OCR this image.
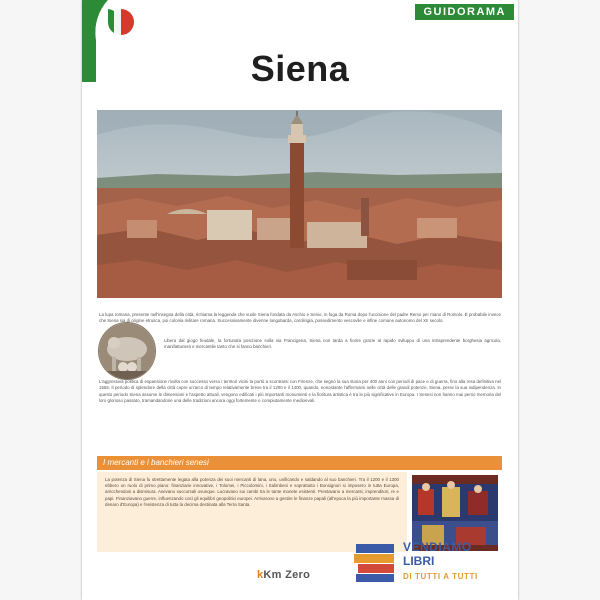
GUIDORAMA
Siena
La lupa romana, presente nell'insegna della città, richiama la leggenda che vuole Siena fondata da Aschio e Senio, in fuga da Roma dopo l'uccisione del padre Remo per mano di Romolo. È probabile invece che Siena sia di origine etrusca, poi colonia militare romana. Successivamente divenne longobarda, carolingia, possedimento vescovile e infine comune autonomo del XII secolo.
Libera dal giogo feudale, la fortunata posizione sulla via Francigena, Siena non tarda a fiorire grazie al rapido sviluppo di una intraprendente borghesia agricola, manifatturiera e mercantile tanto che si fanno banchieri.
L'aggressiva politica di espansione rivolta con successo verso i territori vicini la portò a scontrarsi con Firenze, che segnò la sua storia per 400 anni con periodi di pace e di guerra, fino alla resa definitiva nel 1555. Il periodo di splendore della città copre un'arco di tempo relativamente breve tra il 1200 e il 1400, quando, nonostante l'affermarsi nelle città delle grandi potenze, Siena, perse la sua indipendenza. In questo periodo Siena assume le dimensioni e l'aspetto attuali, vengono edificati i più importanti monumenti e la fioritura artistica è tra le più significative in Europa. I Senesi non hanno mai perso memoria del loro glorioso passato, tramandandone una delle tradizioni ancora oggi fortemente e compiutamente medioevali.
I mercanti e i banchieri senesi
La potenza di Siena fu strettamente legata alla potenza dei suoi mercanti di lana, uno, unificando e saldando al suo banchieri. Tra il 1200 e il 1300 ebbero un ruolo di primo piano: finanziarie innovative, i Tolomei, i Piccolomini, i Salimbeni e soprattutto i Bonsignori si imposero in tutta Europa, arricchendosi a dismisura. Avevano succursali ovunque. Lucravano sui cambi tra le tante monete esistenti. Prestavano a mercanti, imprenditori, re e papi. Finanziavano guerre, influenzando così gli equilibri geopolitici europei. Arrivarono a gestire le finanze papali (all'epoca la più importante massa di denaro d'Europa) e l'esistenza di tutta la decima destinata alla Terra Santa.
kKm Zero
VENDIAMO
LIBRI
DI TUTTI A TUTTI
